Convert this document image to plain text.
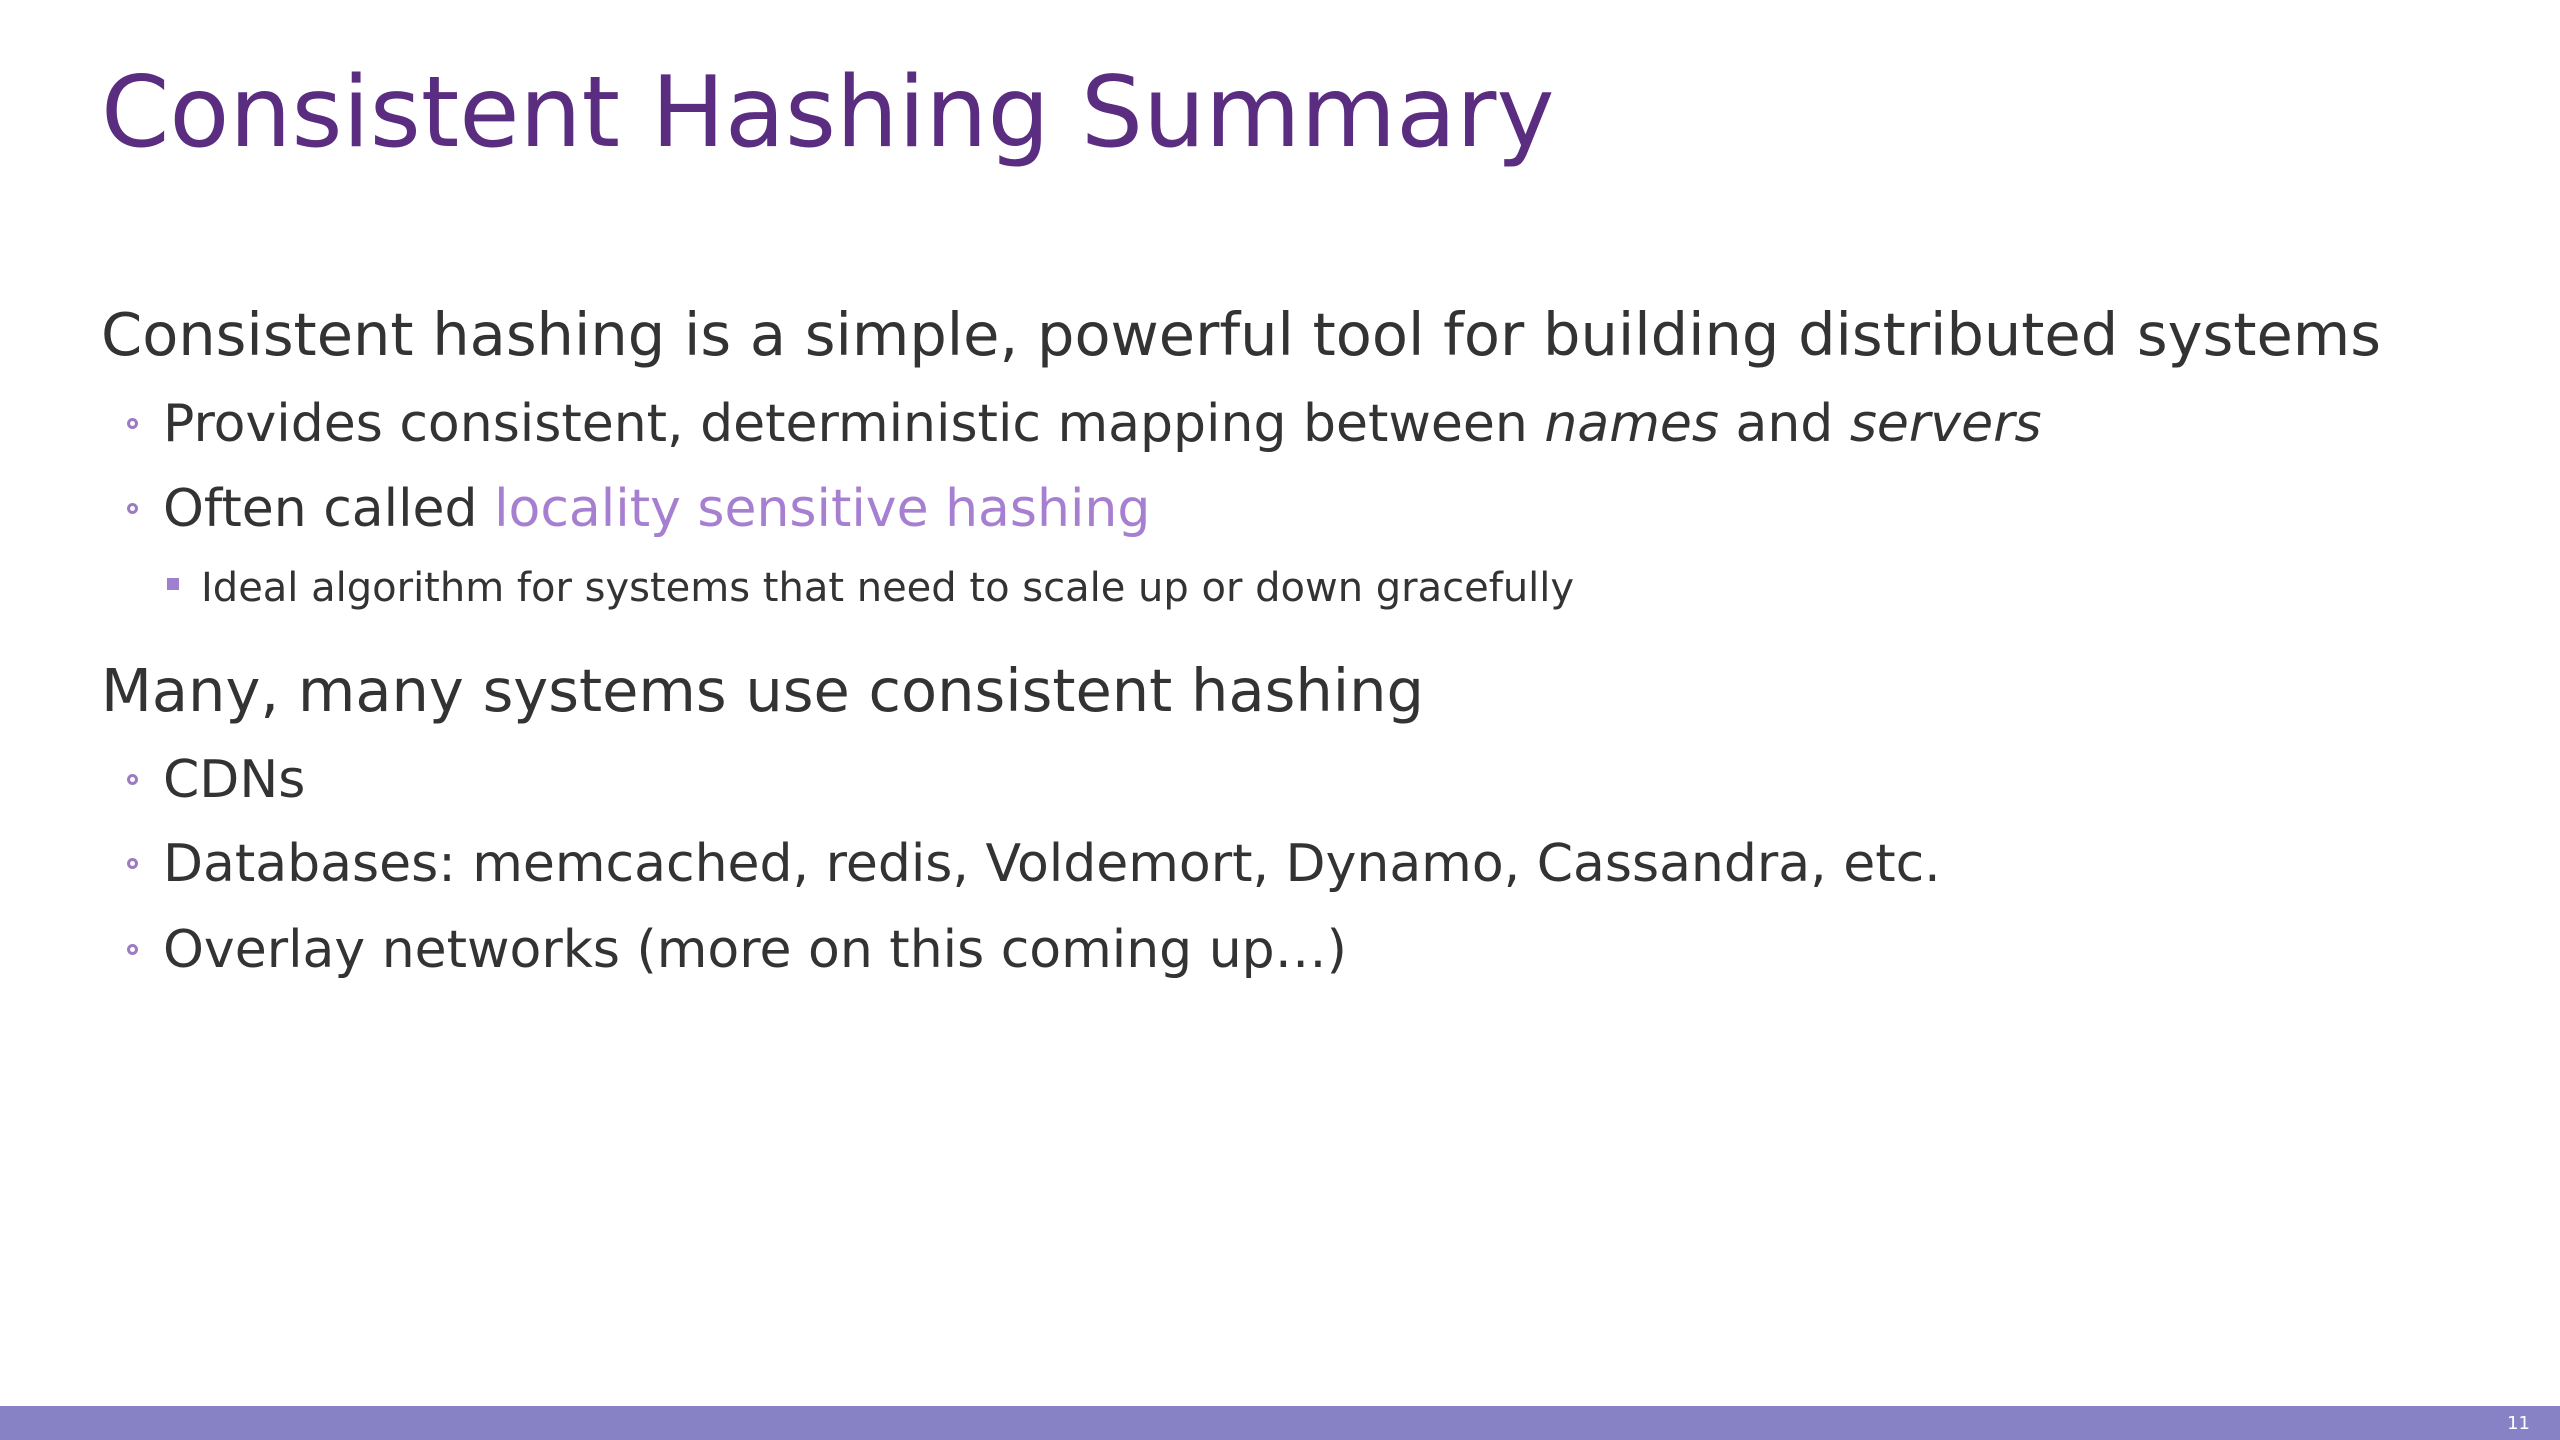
Consistent Hashing Summary
Consistent hashing is a simple, powerful tool for building distributed systems
Provides consistent, deterministic mapping between names and servers
Often called locality sensitive hashing
Ideal algorithm for systems that need to scale up or down gracefully
Many, many systems use consistent hashing
CDNs
Databases: memcached, redis, Voldemort, Dynamo, Cassandra, etc.
Overlay networks (more on this coming up…)
11
